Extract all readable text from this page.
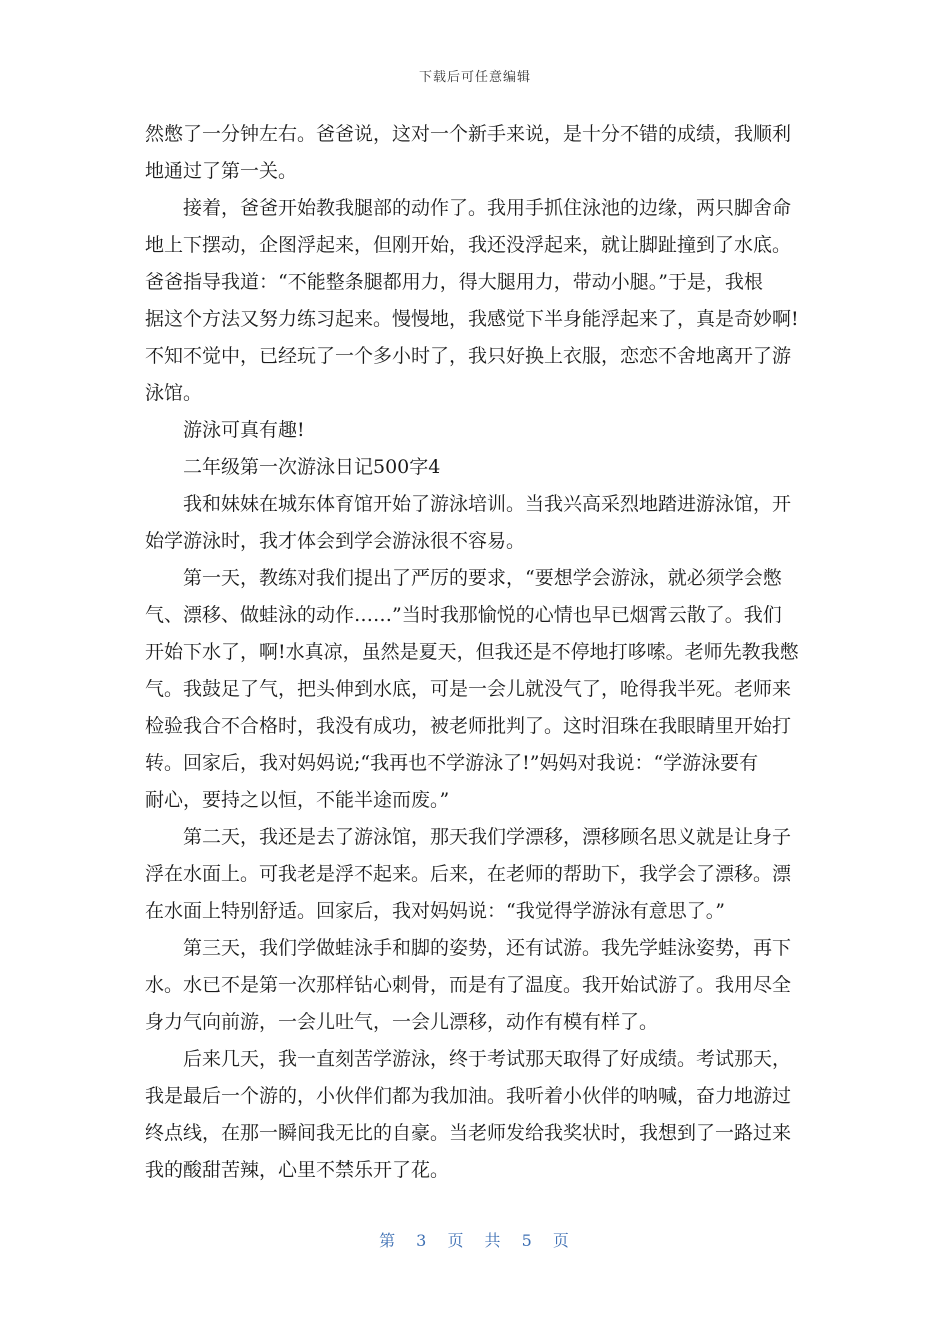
下载后可任意编辑
然憋了一分钟左右。爸爸说，这对一个新手来说，是十分不错的成绩，我顺利
地通过了第一关。
　　接着，爸爸开始教我腿部的动作了。我用手抓住泳池的边缘，两只脚舍命
地上下摆动，企图浮起来，但刚开始，我还没浮起来，就让脚趾撞到了水底。
爸爸指导我道：“不能整条腿都用力，得大腿用力，带动小腿。”于是，我根
据这个方法又努力练习起来。慢慢地，我感觉下半身能浮起来了，真是奇妙啊!
不知不觉中，已经玩了一个多小时了，我只好换上衣服，恋恋不舍地离开了游
泳馆。
　　游泳可真有趣!
　　二年级第一次游泳日记500字4
　　我和妹妹在城东体育馆开始了游泳培训。当我兴高采烈地踏进游泳馆，开
始学游泳时，我才体会到学会游泳很不容易。
　　第一天，教练对我们提出了严厉的要求，“要想学会游泳，就必须学会憋
气、漂移、做蛙泳的动作……”当时我那愉悦的心情也早已烟霄云散了。我们
开始下水了，啊!水真凉，虽然是夏天，但我还是不停地打哆嗦。老师先教我憋
气。我鼓足了气，把头伸到水底，可是一会儿就没气了，呛得我半死。老师来
检验我合不合格时，我没有成功，被老师批判了。这时泪珠在我眼睛里开始打
转。回家后，我对妈妈说;“我再也不学游泳了!”妈妈对我说：“学游泳要有
耐心，要持之以恒，不能半途而废。”
　　第二天，我还是去了游泳馆，那天我们学漂移，漂移顾名思义就是让身子
浮在水面上。可我老是浮不起来。后来，在老师的帮助下，我学会了漂移。漂
在水面上特别舒适。回家后，我对妈妈说：“我觉得学游泳有意思了。”
　　第三天，我们学做蛙泳手和脚的姿势，还有试游。我先学蛙泳姿势，再下
水。水已不是第一次那样钻心刺骨，而是有了温度。我开始试游了。我用尽全
身力气向前游，一会儿吐气，一会儿漂移，动作有模有样了。
　　后来几天，我一直刻苦学游泳，终于考试那天取得了好成绩。考试那天，
我是最后一个游的，小伙伴们都为我加油。我听着小伙伴的呐喊，奋力地游过
终点线，在那一瞬间我无比的自豪。当老师发给我奖状时，我想到了一路过来
我的酸甜苦辣，心里不禁乐开了花。
第 3 页 共 5 页
